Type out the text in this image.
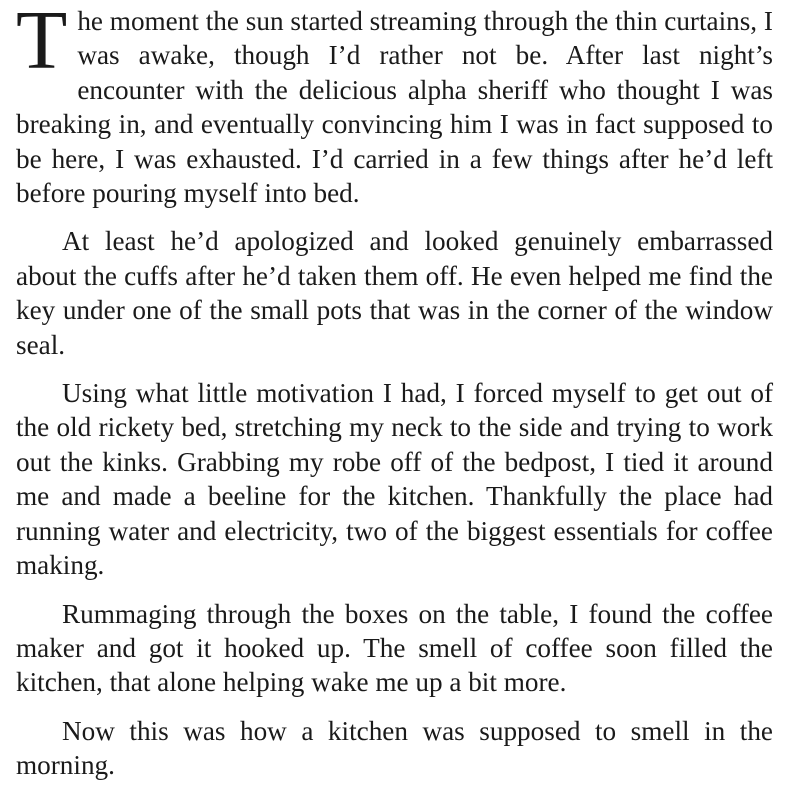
T he moment the sun started streaming through the thin curtains, I was awake, though I’d rather not be. After last night’s encounter with the delicious alpha sheriff who thought I was breaking in, and eventually convincing him I was in fact supposed to be here, I was exhausted. I’d carried in a few things after he’d left before pouring myself into bed.

At least he’d apologized and looked genuinely embarrassed about the cuffs after he’d taken them off. He even helped me find the key under one of the small pots that was in the corner of the window seal.

Using what little motivation I had, I forced myself to get out of the old rickety bed, stretching my neck to the side and trying to work out the kinks. Grabbing my robe off of the bedpost, I tied it around me and made a beeline for the kitchen. Thankfully the place had running water and electricity, two of the biggest essentials for coffee making.

Rummaging through the boxes on the table, I found the coffee maker and got it hooked up. The smell of coffee soon filled the kitchen, that alone helping wake me up a bit more.

Now this was how a kitchen was supposed to smell in the morning.
